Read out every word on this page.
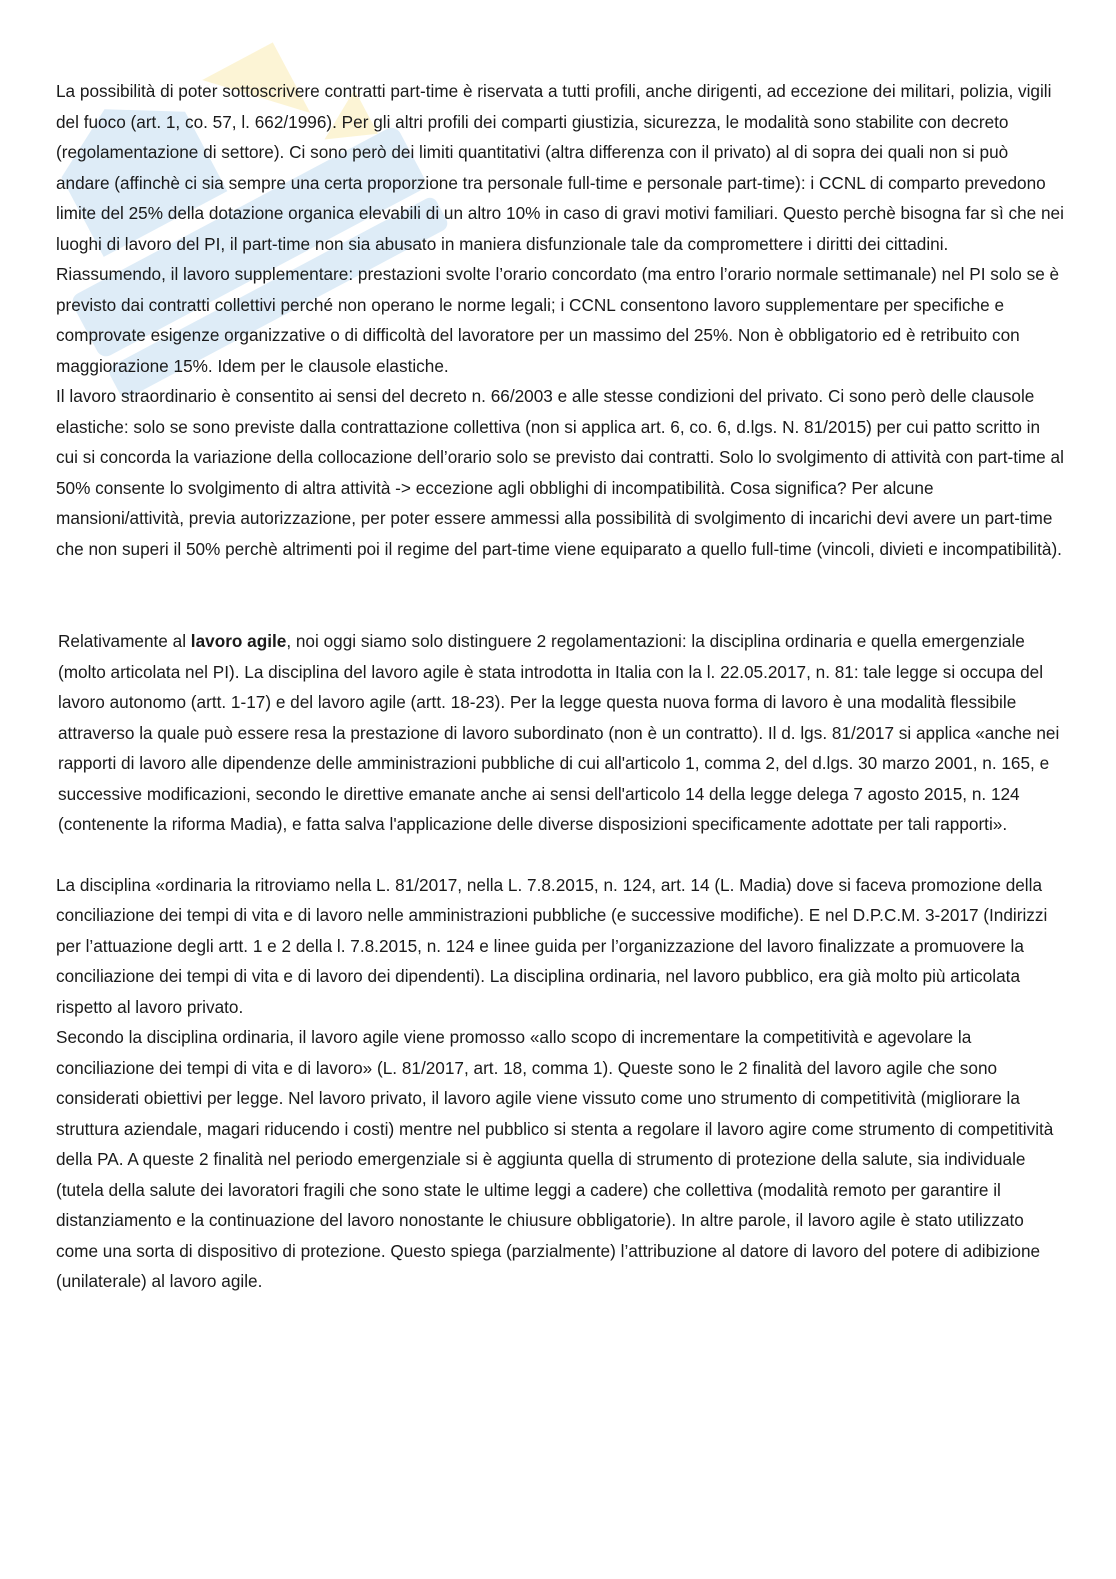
La possibilità di poter sottoscrivere contratti part-time è riservata a tutti profili, anche dirigenti, ad eccezione dei militari, polizia, vigili del fuoco (art. 1, co. 57, l. 662/1996). Per gli altri profili dei comparti giustizia, sicurezza, le modalità sono stabilite con decreto (regolamentazione di settore). Ci sono però dei limiti quantitativi (altra differenza con il privato) al di sopra dei quali non si può andare (affinchè ci sia sempre una certa proporzione tra personale full-time e personale part-time): i CCNL di comparto prevedono limite del 25% della dotazione organica elevabili di un altro 10% in caso di gravi motivi familiari. Questo perchè bisogna far sì che nei luoghi di lavoro del PI, il part-time non sia abusato in maniera disfunzionale tale da compromettere i diritti dei cittadini.

Riassumendo, il lavoro supplementare: prestazioni svolte l’orario concordato (ma entro l’orario normale settimanale) nel PI solo se è previsto dai contratti collettivi perché non operano le norme legali; i CCNL consentono lavoro supplementare per specifiche e comprovate esigenze organizzative o di difficoltà del lavoratore per un massimo del 25%. Non è obbligatorio ed è retribuito con maggiorazione 15%. Idem per le clausole elastiche.

Il lavoro straordinario è consentito ai sensi del decreto n. 66/2003 e alle stesse condizioni del privato. Ci sono però delle clausole elastiche: solo se sono previste dalla contrattazione collettiva (non si applica art. 6, co. 6, d.lgs. N. 81/2015) per cui patto scritto in cui si concorda la variazione della collocazione dell’orario solo se previsto dai contratti. Solo lo svolgimento di attività con part-time al 50% consente lo svolgimento di altra attività -> eccezione agli obblighi di incompatibilità. Cosa significa? Per alcune mansioni/attività, previa autorizzazione, per poter essere ammessi alla possibilità di svolgimento di incarichi devi avere un part-time che non superi il 50% perchè altrimenti poi il regime del part-time viene equiparato a quello full-time (vincoli, divieti e incompatibilità).

Relativamente al lavoro agile, noi oggi siamo solo distinguere 2 regolamentazioni: la disciplina ordinaria e quella emergenziale (molto articolata nel PI). La disciplina del lavoro agile è stata introdotta in Italia con la l. 22.05.2017, n. 81: tale legge si occupa del lavoro autonomo (artt. 1-17) e del lavoro agile (artt. 18-23). Per la legge questa nuova forma di lavoro è una modalità flessibile attraverso la quale può essere resa la prestazione di lavoro subordinato (non è un contratto). Il d. lgs. 81/2017 si applica «anche nei rapporti di lavoro alle dipendenze delle amministrazioni pubbliche di cui all'articolo 1, comma 2, del d.lgs. 30 marzo 2001, n. 165, e successive modificazioni, secondo le direttive emanate anche ai sensi dell'articolo 14 della legge delega 7 agosto 2015, n. 124 (contenente la riforma Madia), e fatta salva l'applicazione delle diverse disposizioni specificamente adottate per tali rapporti».

La disciplina «ordinaria la ritroviamo nella L. 81/2017, nella L. 7.8.2015, n. 124, art. 14 (L. Madia) dove si faceva promozione della conciliazione dei tempi di vita e di lavoro nelle amministrazioni pubbliche (e successive modifiche). E nel D.P.C.M. 3-2017 (Indirizzi per l’attuazione degli artt. 1 e 2 della l. 7.8.2015, n. 124 e linee guida per l’organizzazione del lavoro finalizzate a promuovere la conciliazione dei tempi di vita e di lavoro dei dipendenti). La disciplina ordinaria, nel lavoro pubblico, era già molto più articolata rispetto al lavoro privato.

Secondo la disciplina ordinaria, il lavoro agile viene promosso «allo scopo di incrementare la competitività e agevolare la conciliazione dei tempi di vita e di lavoro» (L. 81/2017, art. 18, comma 1). Queste sono le 2 finalità del lavoro agile che sono considerati obiettivi per legge. Nel lavoro privato, il lavoro agile viene vissuto come uno strumento di competitività (migliorare la struttura aziendale, magari riducendo i costi) mentre nel pubblico si stenta a regolare il lavoro agire come strumento di competitività della PA. A queste 2 finalità nel periodo emergenziale si è aggiunta quella di strumento di protezione della salute, sia individuale (tutela della salute dei lavoratori fragili che sono state le ultime leggi a cadere) che collettiva (modalità remoto per garantire il distanziamento e la continuazione del lavoro nonostante le chiusure obbligatorie). In altre parole, il lavoro agile è stato utilizzato come una sorta di dispositivo di protezione. Questo spiega (parzialmente) l’attribuzione al datore di lavoro del potere di adibizione (unilaterale) al lavoro agile.
